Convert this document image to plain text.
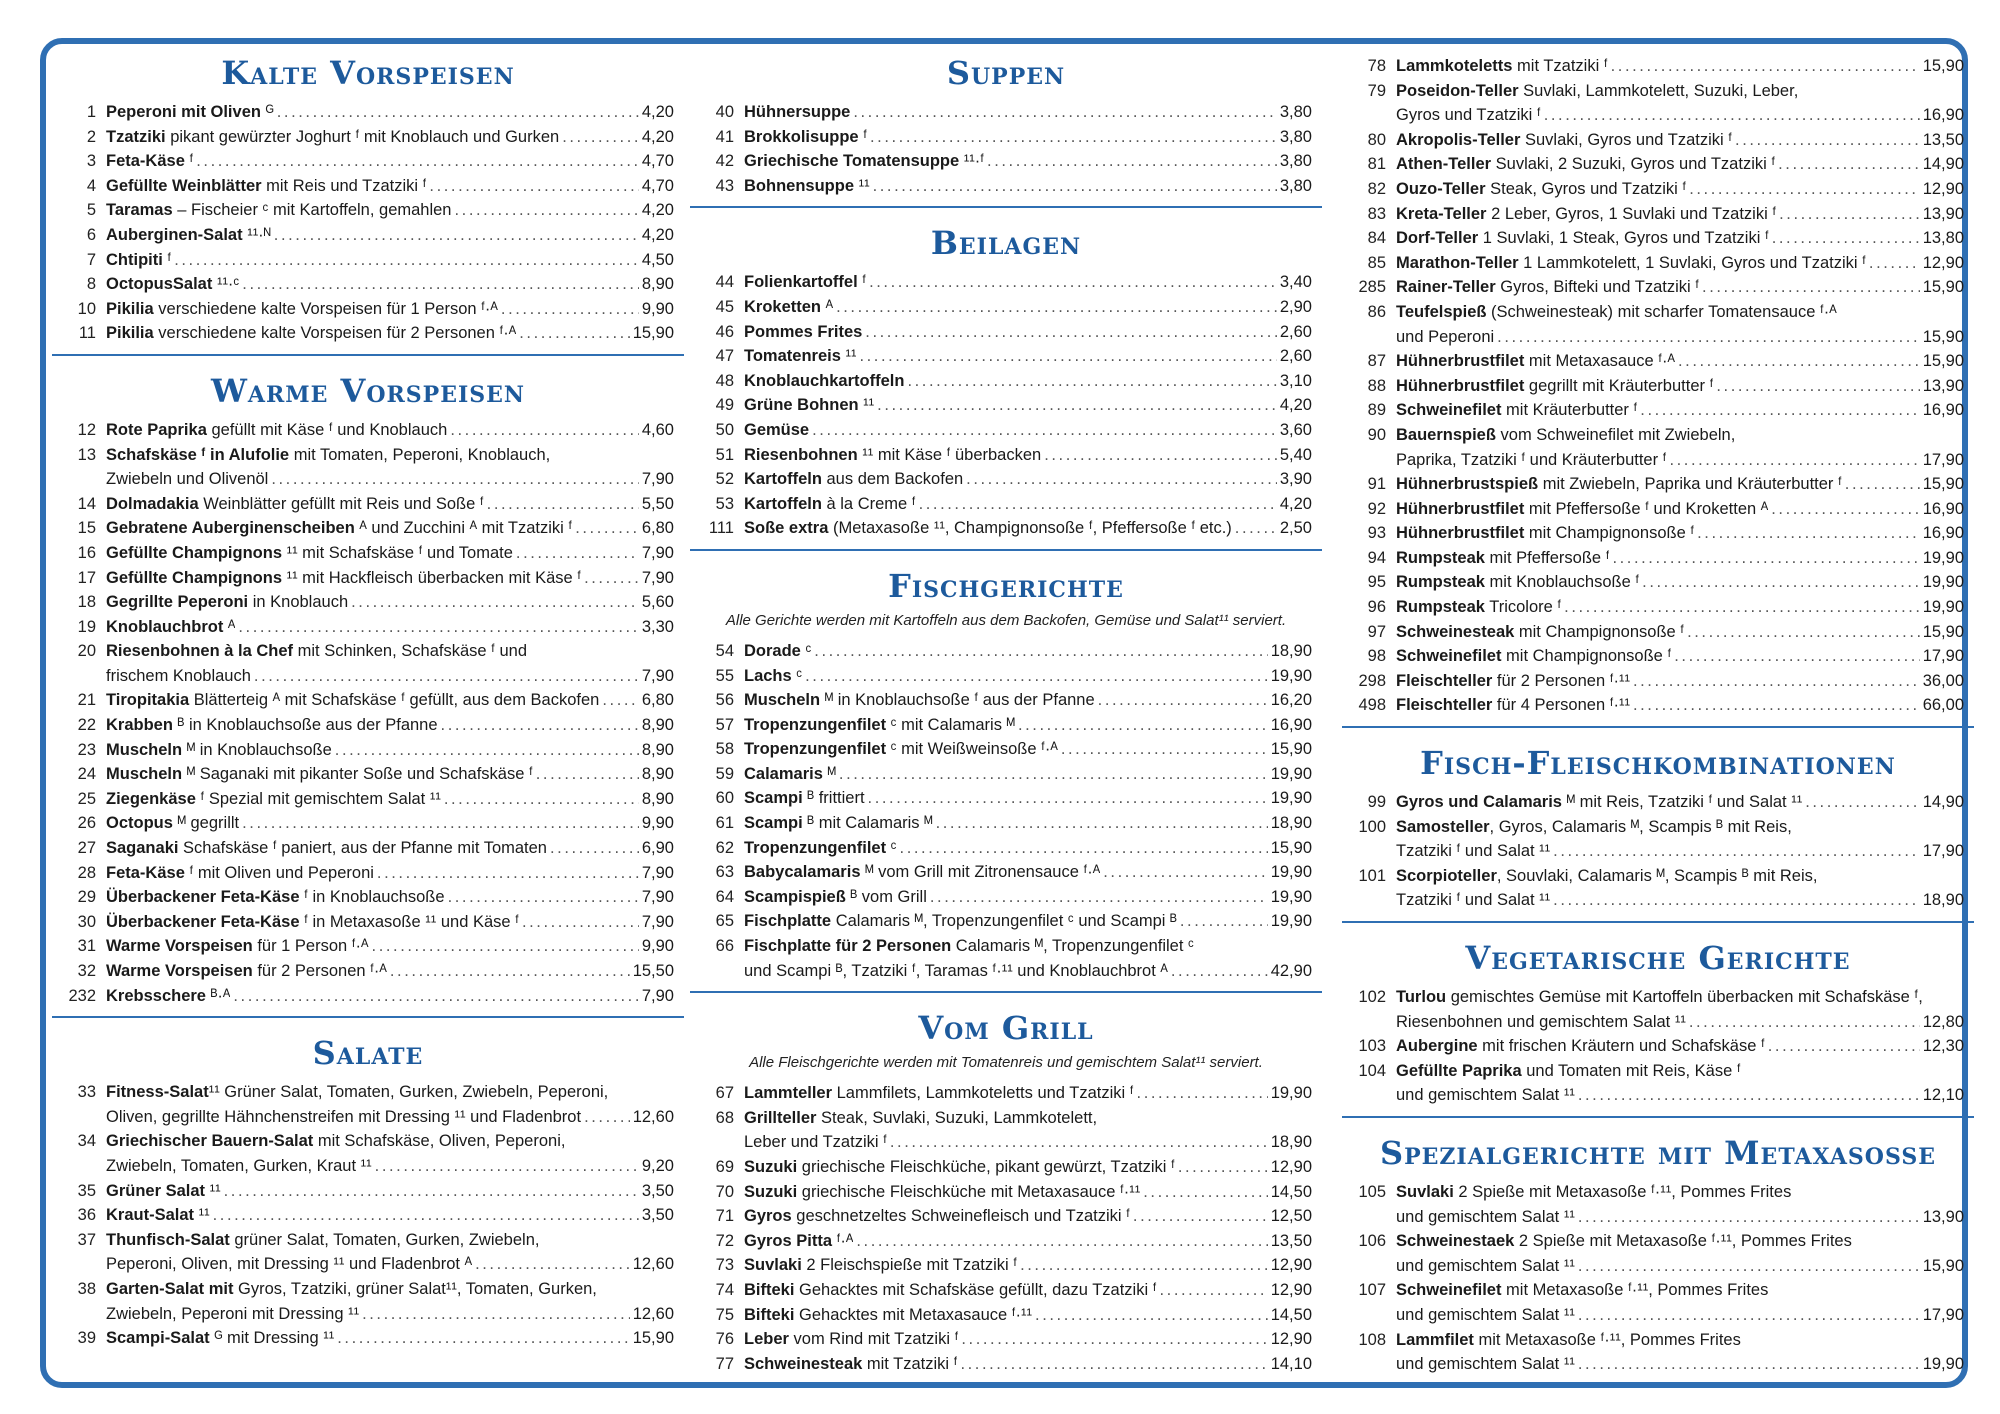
Kalte Vorspeisen
1 Peperoni mit Oliven ᴳ . . .	4,20
2 Tzatziki pikant gewürzter Joghurt ᶠ mit Knoblauch und Gurken . . .	4,20
3 Feta-Käse ᶠ . . .	4,70
4 Gefüllte Weinblätter mit Reis und Tzatziki ᶠ . . .	4,70
5 Taramas – Fischeier ᶜ mit Kartoffeln, gemahlen . . .	4,20
6 Auberginen-Salat ¹¹·ᴺ . . .	4,20
7 Chtipiti ᶠ . . .	4,50
8 OctopusSalat ¹¹·ᶜ . . .	8,90
10 Pikilia verschiedene kalte Vorspeisen für 1 Person ᶠ·ᴬ . . .	9,90
11 Pikilia verschiedene kalte Vorspeisen für 2 Personen ᶠ·ᴬ . . .	15,90
Warme Vorspeisen
12 Rote Paprika gefüllt mit Käse ᶠ und Knoblauch . . .	4,60
13 Schafskäse ᶠ in Alufolie mit Tomaten, Peperoni, Knoblauch,
Zwiebeln und Olivenöl . . .	7,90
14 Dolmadakia Weinblätter gefüllt mit Reis und Soße ᶠ . . .	5,50
15 Gebratene Auberginenscheiben ᴬ und Zucchini ᴬ mit Tzatziki ᶠ . . .	6,80
16 Gefüllte Champignons ¹¹ mit Schafskäse ᶠ und Tomate . . .	7,90
17 Gefüllte Champignons ¹¹ mit Hackfleisch überbacken mit Käse ᶠ . . .	7,90
18 Gegrillte Peperoni in Knoblauch . . .	5,60
19 Knoblauchbrot ᴬ . . .	3,30
20 Riesenbohnen à la Chef mit Schinken, Schafskäse ᶠ und
frischem Knoblauch . . .	7,90
21 Tiropitakia Blätterteig ᴬ mit Schafskäse ᶠ gefüllt, aus dem Backofen . . .	6,80
22 Krabben ᴮ in Knoblauchsoße aus der Pfanne . . .	8,90
23 Muscheln ᴹ in Knoblauchsoße . . .	8,90
24 Muscheln ᴹ Saganaki mit pikanter Soße und Schafskäse ᶠ . . .	8,90
25 Ziegenkäse ᶠ Spezial mit gemischtem Salat ¹¹ . . .	8,90
26 Octopus ᴹ gegrillt . . .	9,90
27 Saganaki Schafskäse ᶠ paniert, aus der Pfanne mit Tomaten . . .	6,90
28 Feta-Käse ᶠ mit Oliven und Peperoni . . .	7,90
29 Überbackener Feta-Käse ᶠ in Knoblauchsoße . . .	7,90
30 Überbackener Feta-Käse ᶠ in Metaxasoße ¹¹ und Käse ᶠ . . .	7,90
31 Warme Vorspeisen für 1 Person ᶠ·ᴬ . . .	9,90
32 Warme Vorspeisen für 2 Personen ᶠ·ᴬ . . .	15,50
232 Krebsschere ᴮ·ᴬ . . .	7,90
Salate
33 Fitness-Salat¹¹ Grüner Salat, Tomaten, Gurken, Zwiebeln, Peperoni,
Oliven, gegrillte Hähnchenstreifen mit Dressing ¹¹ und Fladenbrot . . .	12,60
34 Griechischer Bauern-Salat mit Schafskäse, Oliven, Peperoni,
Zwiebeln, Tomaten, Gurken, Kraut ¹¹ . . .	9,20
35 Grüner Salat ¹¹ . . .	3,50
36 Kraut-Salat ¹¹ . . .	3,50
37 Thunfisch-Salat grüner Salat, Tomaten, Gurken, Zwiebeln,
Peperoni, Oliven, mit Dressing ¹¹ und Fladenbrot ᴬ . . .	12,60
38 Garten-Salat mit Gyros, Tzatziki, grüner Salat¹¹, Tomaten, Gurken,
Zwiebeln, Peperoni mit Dressing ¹¹ . . .	12,60
39 Scampi-Salat ᴳ mit Dressing ¹¹ . . .	15,90
Suppen
40 Hühnersuppe . . .	3,80
41 Brokkolisuppe ᶠ . . .	3,80
42 Griechische Tomatensuppe ¹¹·ᶠ . . .	3,80
43 Bohnensuppe ¹¹ . . .	3,80
Beilagen
44 Folienkartoffel ᶠ . . .	3,40
45 Kroketten ᴬ . . .	2,90
46 Pommes Frites . . .	2,60
47 Tomatenreis ¹¹ . . .	2,60
48 Knoblauchkartoffeln . . .	3,10
49 Grüne Bohnen ¹¹ . . .	4,20
50 Gemüse . . .	3,60
51 Riesenbohnen ¹¹ mit Käse ᶠ überbacken . . .	5,40
52 Kartoffeln aus dem Backofen . . .	3,90
53 Kartoffeln à la Creme ᶠ . . .	4,20
111 Soße extra (Metaxasoße ¹¹, Champignonsoße ᶠ, Pfeffersoße ᶠ etc.) . . .	2,50
Fischgerichte
Alle Gerichte werden mit Kartoffeln aus dem Backofen, Gemüse und Salat¹¹ serviert.
54 Dorade ᶜ . . .	18,90
55 Lachs ᶜ . . .	19,90
56 Muscheln ᴹ in Knoblauchsoße ᶠ aus der Pfanne . . .	16,20
57 Tropenzungenfilet ᶜ mit Calamaris ᴹ . . .	16,90
58 Tropenzungenfilet ᶜ mit Weißweinsoße ᶠ·ᴬ . . .	15,90
59 Calamaris ᴹ . . .	19,90
60 Scampi ᴮ frittiert . . .	19,90
61 Scampi ᴮ mit Calamaris ᴹ . . .	18,90
62 Tropenzungenfilet ᶜ . . .	15,90
63 Babycalamaris ᴹ vom Grill mit Zitronensauce ᶠ·ᴬ . . .	19,90
64 Scampispieß ᴮ vom Grill . . .	19,90
65 Fischplatte Calamaris ᴹ, Tropenzungenfilet ᶜ und Scampi ᴮ . . .	19,90
66 Fischplatte für 2 Personen Calamaris ᴹ, Tropenzungenfilet ᶜ
und Scampi ᴮ, Tzatziki ᶠ, Taramas ᶠ·¹¹ und Knoblauchbrot ᴬ . . .	42,90
Vom Grill
Alle Fleischgerichte werden mit Tomatenreis und gemischtem Salat¹¹ serviert.
67 Lammteller Lammfilets, Lammkoteletts und Tzatziki ᶠ . . .	19,90
68 Grillteller Steak, Suvlaki, Suzuki, Lammkotelett,
Leber und Tzatziki ᶠ . . .	18,90
69 Suzuki griechische Fleischküche, pikant gewürzt, Tzatziki ᶠ . . .	12,90
70 Suzuki griechische Fleischküche mit Metaxasauce ᶠ·¹¹ . . .	14,50
71 Gyros geschnetzeltes Schweinefleisch und Tzatziki ᶠ . . .	12,50
72 Gyros Pitta ᶠ·ᴬ . . .	13,50
73 Suvlaki 2 Fleischspieße mit Tzatziki ᶠ . . .	12,90
74 Bifteki Gehacktes mit Schafskäse gefüllt, dazu Tzatziki ᶠ . . .	12,90
75 Bifteki Gehacktes mit Metaxasauce ᶠ·¹¹ . . .	14,50
76 Leber vom Rind mit Tzatziki ᶠ . . .	12,90
77 Schweinesteak mit Tzatziki ᶠ . . .	14,10
78 Lammkoteletts mit Tzatziki ᶠ . . .	15,90
79 Poseidon-Teller Suvlaki, Lammkotelett, Suzuki, Leber,
Gyros und Tzatziki ᶠ . . .	16,90
80 Akropolis-Teller Suvlaki, Gyros und Tzatziki ᶠ . . .	13,50
81 Athen-Teller Suvlaki, 2 Suzuki, Gyros und Tzatziki ᶠ . . .	14,90
82 Ouzo-Teller Steak, Gyros und Tzatziki ᶠ . . .	12,90
83 Kreta-Teller 2 Leber, Gyros, 1 Suvlaki und Tzatziki ᶠ . . .	13,90
84 Dorf-Teller 1 Suvlaki, 1 Steak, Gyros und Tzatziki ᶠ . . .	13,80
85 Marathon-Teller 1 Lammkotelett, 1 Suvlaki, Gyros und Tzatziki ᶠ . . .	12,90
285 Rainer-Teller Gyros, Bifteki und Tzatziki ᶠ . . .	15,90
86 Teufelspieß (Schweinesteak) mit scharfer Tomatensauce ᶠ·ᴬ
und Peperoni . . .	15,90
87 Hühnerbrustfilet mit Metaxasauce ᶠ·ᴬ . . .	15,90
88 Hühnerbrustfilet gegrillt mit Kräuterbutter ᶠ . . .	13,90
89 Schweinefilet mit Kräuterbutter ᶠ . . .	16,90
90 Bauernspieß vom Schweinefilet mit Zwiebeln,
Paprika, Tzatziki ᶠ und Kräuterbutter ᶠ . . .	17,90
91 Hühnerbrustspieß mit Zwiebeln, Paprika und Kräuterbutter ᶠ . . .	15,90
92 Hühnerbrustfilet mit Pfeffersoße ᶠ und Kroketten ᴬ . . .	16,90
93 Hühnerbrustfilet mit Champignonsoße ᶠ . . .	16,90
94 Rumpsteak mit Pfeffersoße ᶠ . . .	19,90
95 Rumpsteak mit Knoblauchsoße ᶠ . . .	19,90
96 Rumpsteak Tricolore ᶠ . . .	19,90
97 Schweinesteak mit Champignonsoße ᶠ . . .	15,90
98 Schweinefilet mit Champignonsoße ᶠ . . .	17,90
298 Fleischteller für 2 Personen ᶠ·¹¹ . . .	36,00
498 Fleischteller für 4 Personen ᶠ·¹¹ . . .	66,00
Fisch-Fleischkombinationen
99 Gyros und Calamaris ᴹ mit Reis, Tzatziki ᶠ und Salat ¹¹ . . .	14,90
100 Samosteller, Gyros, Calamaris ᴹ, Scampis ᴮ mit Reis,
Tzatziki ᶠ und Salat ¹¹ . . .	17,90
101 Scorpioteller, Souvlaki, Calamaris ᴹ, Scampis ᴮ mit Reis,
Tzatziki ᶠ und Salat ¹¹ . . .	18,90
Vegetarische Gerichte
102 Turlou gemischtes Gemüse mit Kartoffeln überbacken mit Schafskäse ᶠ,
Riesenbohnen und gemischtem Salat ¹¹ . . .	12,80
103 Aubergine mit frischen Kräutern und Schafskäse ᶠ . . .	12,30
104 Gefüllte Paprika und Tomaten mit Reis, Käse ᶠ
und gemischtem Salat ¹¹ . . .	12,10
Spezialgerichte mit Metaxasosse
105 Suvlaki 2 Spieße mit Metaxasoße ᶠ·¹¹, Pommes Frites
und gemischtem Salat ¹¹ . . .	13,90
106 Schweinestaek 2 Spieße mit Metaxasoße ᶠ·¹¹, Pommes Frites
und gemischtem Salat ¹¹ . . .	15,90
107 Schweinefilet mit Metaxasoße ᶠ·¹¹, Pommes Frites
und gemischtem Salat ¹¹ . . .	17,90
108 Lammfilet mit Metaxasoße ᶠ·¹¹, Pommes Frites
und gemischtem Salat ¹¹ . . .	19,90
